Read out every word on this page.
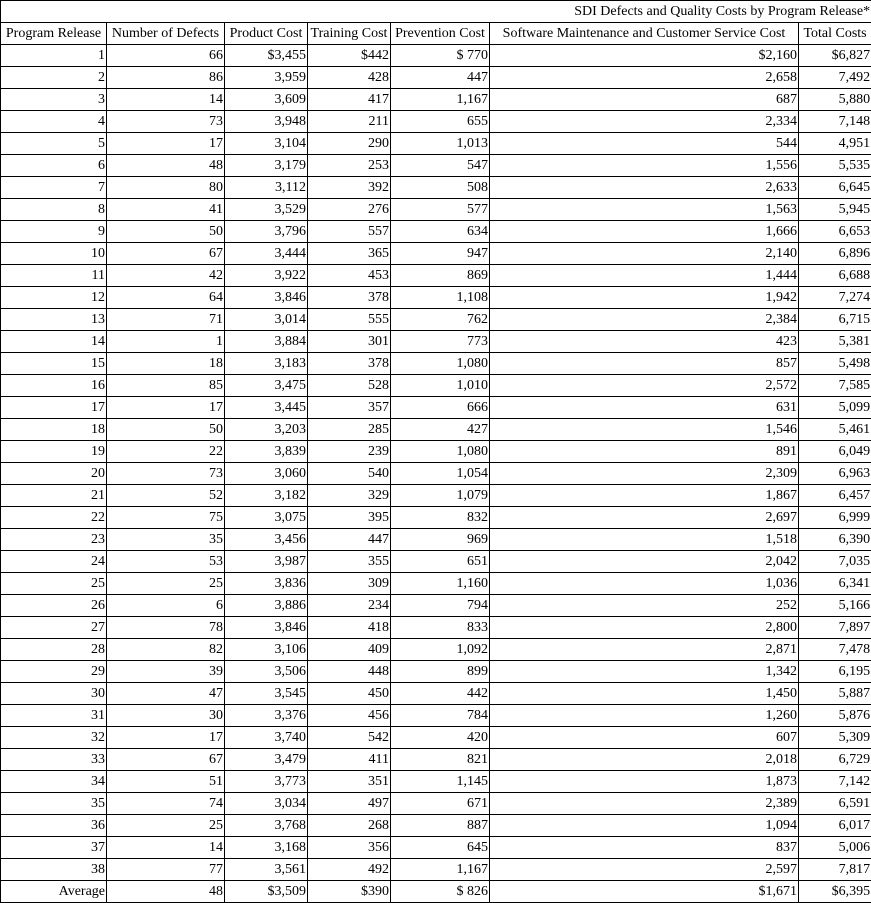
SDI Defects and Quality Costs by Program Release*						
Program Release	Number of Defects	Product Cost	Training Cost	Prevention Cost	Software Maintenance and Customer Service Cost	Total Costs
1	66	$3,455	$442	$ 770	$2,160	$6,827
2	86	3,959	428	447	2,658	7,492
3	14	3,609	417	1,167	687	5,880
4	73	3,948	211	655	2,334	7,148
5	17	3,104	290	1,013	544	4,951
6	48	3,179	253	547	1,556	5,535
7	80	3,112	392	508	2,633	6,645
8	41	3,529	276	577	1,563	5,945
9	50	3,796	557	634	1,666	6,653
10	67	3,444	365	947	2,140	6,896
11	42	3,922	453	869	1,444	6,688
12	64	3,846	378	1,108	1,942	7,274
13	71	3,014	555	762	2,384	6,715
14	1	3,884	301	773	423	5,381
15	18	3,183	378	1,080	857	5,498
16	85	3,475	528	1,010	2,572	7,585
17	17	3,445	357	666	631	5,099
18	50	3,203	285	427	1,546	5,461
19	22	3,839	239	1,080	891	6,049
20	73	3,060	540	1,054	2,309	6,963
21	52	3,182	329	1,079	1,867	6,457
22	75	3,075	395	832	2,697	6,999
23	35	3,456	447	969	1,518	6,390
24	53	3,987	355	651	2,042	7,035
25	25	3,836	309	1,160	1,036	6,341
26	6	3,886	234	794	252	5,166
27	78	3,846	418	833	2,800	7,897
28	82	3,106	409	1,092	2,871	7,478
29	39	3,506	448	899	1,342	6,195
30	47	3,545	450	442	1,450	5,887
31	30	3,376	456	784	1,260	5,876
32	17	3,740	542	420	607	5,309
33	67	3,479	411	821	2,018	6,729
34	51	3,773	351	1,145	1,873	7,142
35	74	3,034	497	671	2,389	6,591
36	25	3,768	268	887	1,094	6,017
37	14	3,168	356	645	837	5,006
38	77	3,561	492	1,167	2,597	7,817
Average	48	$3,509	$390	$ 826	$1,671	$6,395
